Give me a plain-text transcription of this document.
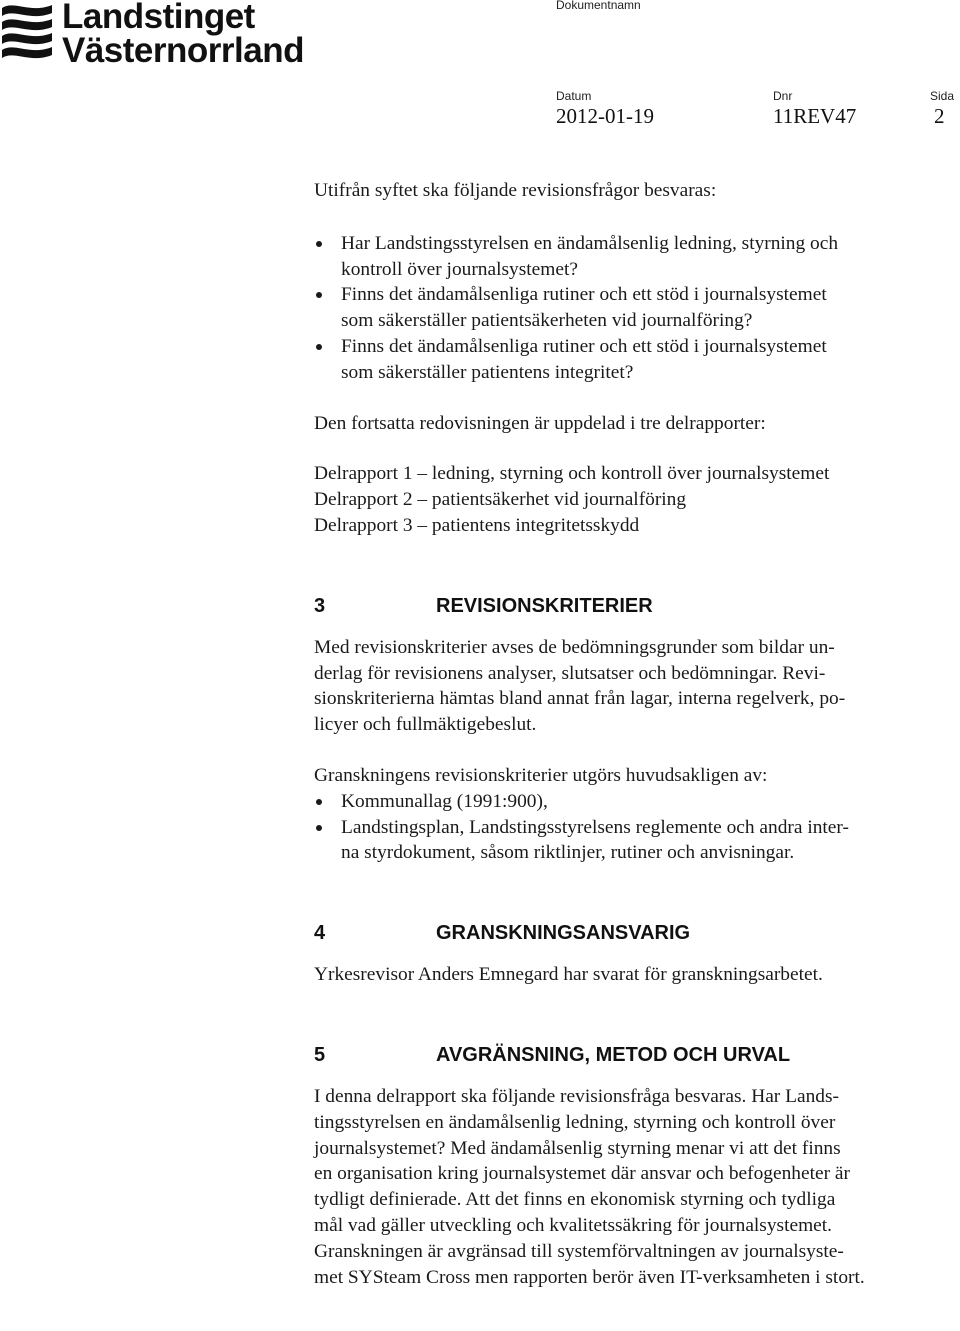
Landstinget
Västernorrland
Dokumentnamn
Datum
2012-01-19
Dnr
11REV47
Sida
2

Utifrån syftet ska följande revisionsfrågor besvaras:

Har Landstingsstyrelsen en ändamålsenlig ledning, styrning och
kontroll över journalsystemet?
Finns det ändamålsenliga rutiner och ett stöd i journalsystemet
som säkerställer patientsäkerheten vid journalföring?
Finns det ändamålsenliga rutiner och ett stöd i journalsystemet
som säkerställer patientens integritet?

Den fortsatta redovisningen är uppdelad i tre delrapporter:

Delrapport 1 – ledning, styrning och kontroll över journalsystemet
Delrapport 2 – patientsäkerhet vid journalföring
Delrapport 3 – patientens integritetsskydd
3	REVISIONSKRITERIER
Med revisionskriterier avses de bedömningsgrunder som bildar un-
derlag för revisionens analyser, slutsatser och bedömningar. Revi-
sionskriterierna hämtas bland annat från lagar, interna regelverk, po-
licyer och fullmäktigebeslut.

Granskningens revisionskriterier utgörs huvudsakligen av:

Kommunallag (1991:900),
Landstingsplan, Landstingsstyrelsens reglemente och andra inter-
na styrdokument, såsom riktlinjer, rutiner och anvisningar.
4	GRANSKNINGSANSVARIG

Yrkesrevisor Anders Emnegard har svarat för granskningsarbetet.

5	AVGRÄNSNING, METOD OCH URVAL
I denna delrapport ska följande revisionsfråga besvaras. Har Lands-
tingsstyrelsen en ändamålsenlig ledning, styrning och kontroll över
journalsystemet? Med ändamålsenlig styrning menar vi att det finns
en organisation kring journalsystemet där ansvar och befogenheter är
tydligt definierade. Att det finns en ekonomisk styrning och tydliga
mål vad gäller utveckling och kvalitetssäkring för journalsystemet.
Granskningen är avgränsad till systemförvaltningen av journalsyste-
met SYSteam Cross men rapporten berör även IT-verksamheten i stort.
